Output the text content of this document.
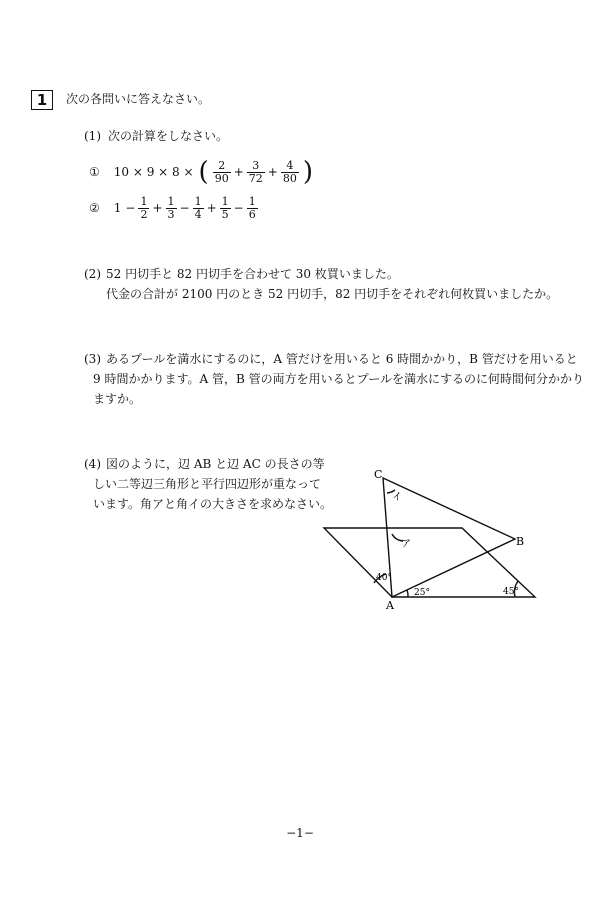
1	次の各問いに答えなさい。
(1) 次の計算をしなさい。
① 10 × 9 × 8 × ( $\frac{2}{90} + \frac{3}{72} + \frac{4}{80}$ )
② $1 - \frac{1}{2} + \frac{1}{3} - \frac{1}{4} + \frac{1}{5} - \frac{1}{6}$
(2) 52 円切手と 82 円切手を合わせて 30 枚買いました。
代金の合計が 2100 円のとき 52 円切手，82 円切手をそれぞれ何枚買いましたか。
(3) あるプールを満水にするのに，A 管だけを用いると 6 時間かかり，B 管だけを用いると
9 時間かかります。A 管，B 管の両方を用いるとプールを満水にするのに何時間何分かかり
ますか。
(4) 図のように，辺 AB と辺 AC の長さの等
しい二等辺三角形と平行四辺形が重なって
います。角アと角イの大きさを求めなさい。
C
B
A
イ
ア
40°
25°	45°
−1−
